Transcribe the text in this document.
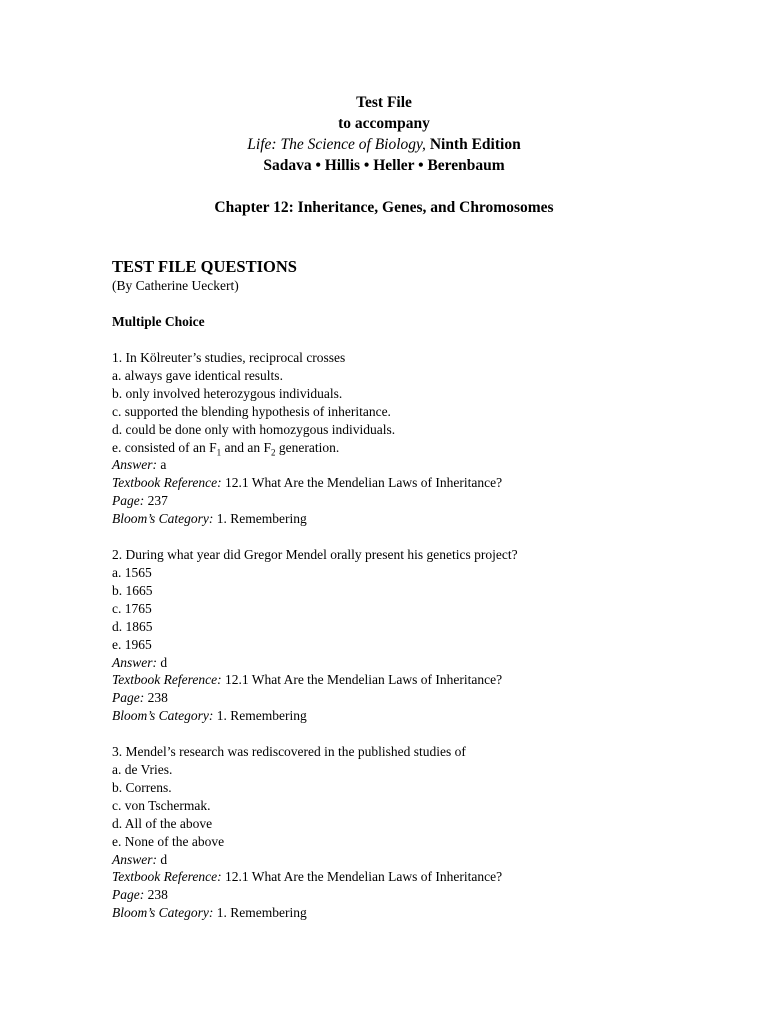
Test File
to accompany
Life: The Science of Biology, Ninth Edition
Sadava • Hillis • Heller • Berenbaum
Chapter 12: Inheritance, Genes, and Chromosomes
TEST FILE QUESTIONS
(By Catherine Ueckert)
Multiple Choice
1. In Kölreuter’s studies, reciprocal crosses
a. always gave identical results.
b. only involved heterozygous individuals.
c. supported the blending hypothesis of inheritance.
d. could be done only with homozygous individuals.
e. consisted of an $F_1$ and an $F_2$ generation.
Answer: a
Textbook Reference: 12.1 What Are the Mendelian Laws of Inheritance?
Page: 237
Bloom’s Category: 1. Remembering
2. During what year did Gregor Mendel orally present his genetics project?
a. 1565
b. 1665
c. 1765
d. 1865
e. 1965
Answer: d
Textbook Reference: 12.1 What Are the Mendelian Laws of Inheritance?
Page: 238
Bloom’s Category: 1. Remembering
3. Mendel’s research was rediscovered in the published studies of
a. de Vries.
b. Correns.
c. von Tschermak.
d. All of the above
e. None of the above
Answer: d
Textbook Reference: 12.1 What Are the Mendelian Laws of Inheritance?
Page: 238
Bloom’s Category: 1. Remembering
